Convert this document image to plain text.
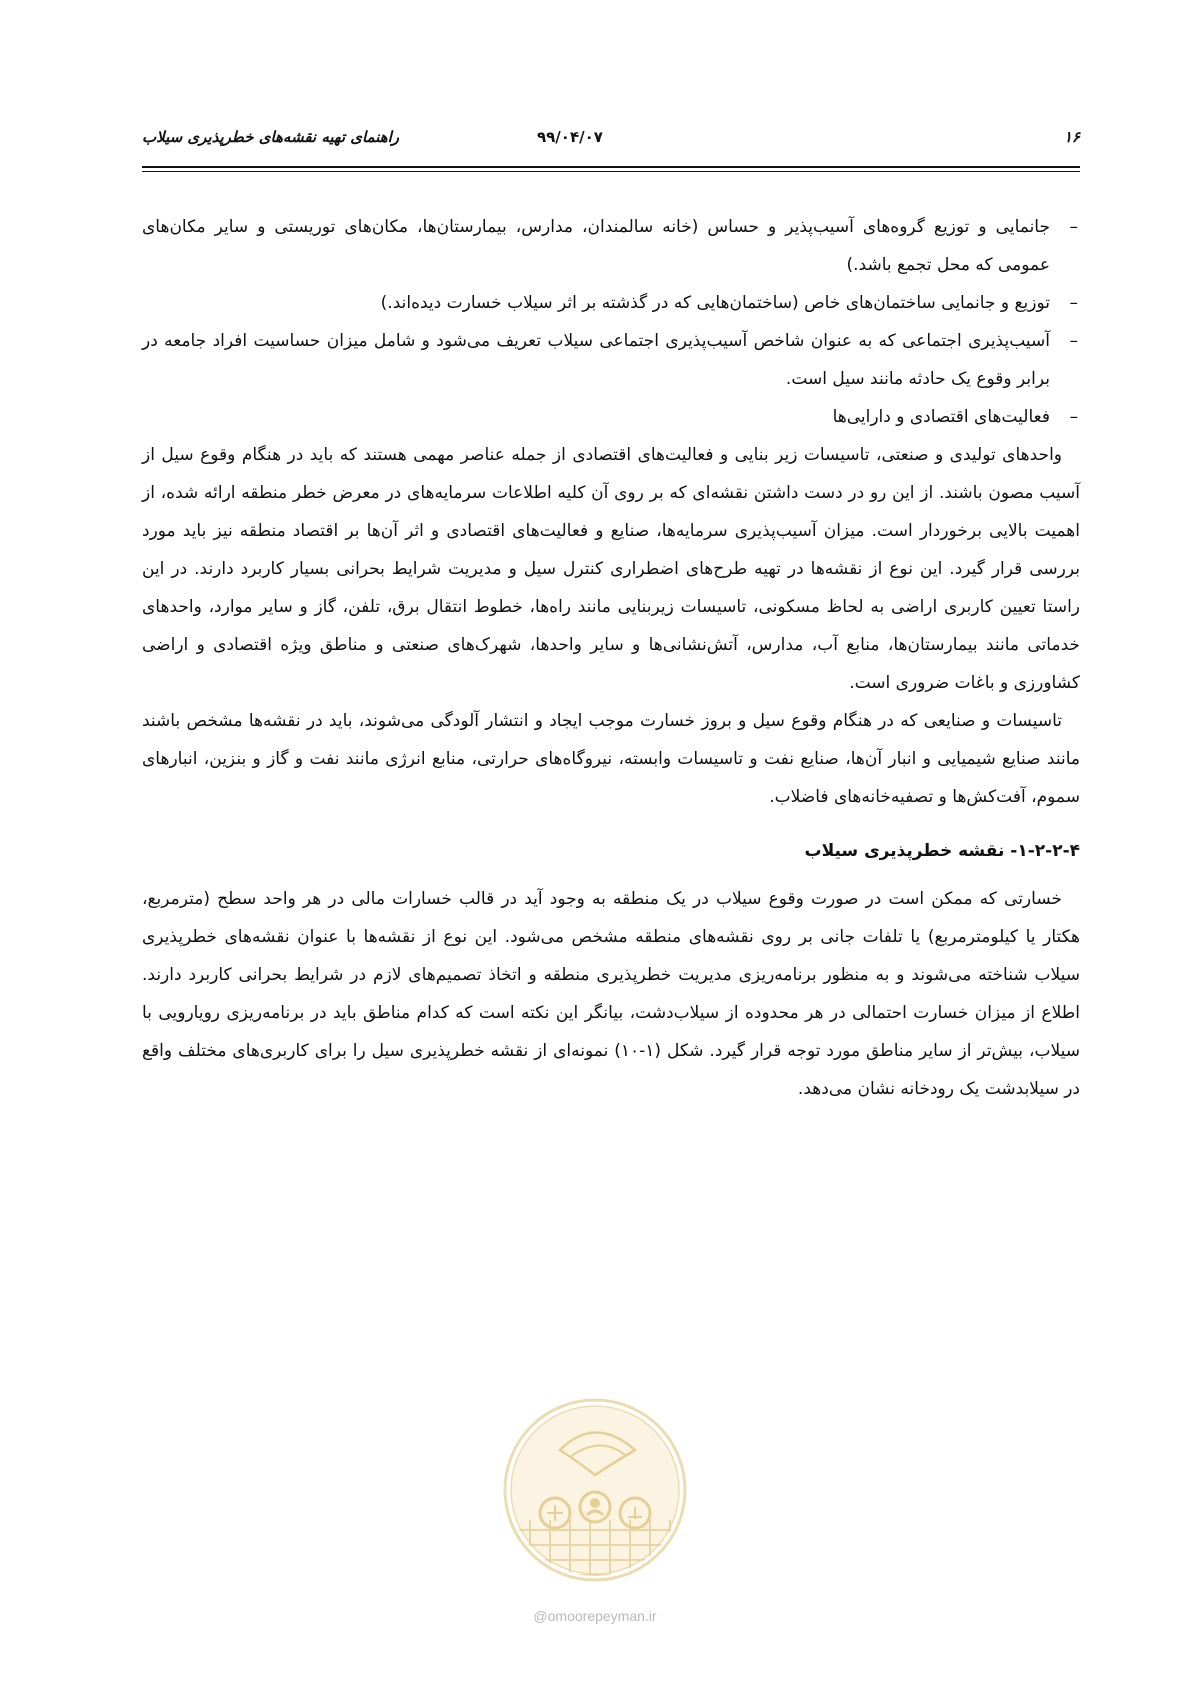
۱۶
۹۹/۰۴/۰۷
راهنمای تهیه نقشه‌های خطرپذیری سیلاب
–
جانمایی و توزیع گروه‌های آسیب‌پذیر و حساس (خانه سالمندان، مدارس، بیمارستان‌ها، مکان‌های توریستی و سایر مکان‌های عمومی که محل تجمع باشد.)
–
توزیع و جانمایی ساختمان‌های خاص (ساختمان‌هایی که در گذشته بر اثر سیلاب خسارت دیده‌اند.)
–
آسیب‌پذیری اجتماعی که به عنوان شاخص آسیب‌پذیری اجتماعی سیلاب تعریف می‌شود و شامل میزان حساسیت افراد جامعه در برابر وقوع یک حادثه مانند سیل است.
–
فعالیت‌های اقتصادی و دارایی‌ها

واحدهای تولیدی و صنعتی، تاسیسات زیر بنایی و فعالیت‌های اقتصادی از جمله عناصر مهمی هستند که باید در هنگام وقوع سیل از آسیب مصون باشند. از این رو در دست داشتن نقشه‌ای که بر روی آن کلیه اطلاعات سرمایه‌های در معرض خطر منطقه ارائه شده، از اهمیت بالایی برخوردار است. میزان آسیب‌پذیری سرمایه‌ها، صنایع و فعالیت‌های اقتصادی و اثر آن‌ها بر اقتصاد منطقه نیز باید مورد بررسی قرار گیرد. این نوع از نقشه‌ها در تهیه طرح‌های اضطراری کنترل سیل و مدیریت شرایط بحرانی بسیار کاربرد دارند. در این راستا تعیین کاربری اراضی به لحاظ مسکونی، تاسیسات زیربنایی مانند راه‌ها، خطوط انتقال برق، تلفن، گاز و سایر موارد، واحدهای خدماتی مانند بیمارستان‌ها، منابع آب، مدارس، آتش‌نشانی‌ها و سایر واحدها، شهرک‌های صنعتی و مناطق ویژه اقتصادی و اراضی کشاورزی و باغات ضروری است.

تاسیسات و صنایعی که در هنگام وقوع سیل و بروز خسارت موجب ایجاد و انتشار آلودگی می‌شوند، باید در نقشه‌ها مشخص باشند مانند صنایع شیمیایی و انبار آن‌ها، صنایع نفت و تاسیسات وابسته، نیروگاه‌های حرارتی، منابع انرژی مانند نفت و گاز و بنزین، انبارهای سموم، آفت‌کش‌ها و تصفیه‌خانه‌های فاضلاب.

۱-۲-۲-۴- نقشه خطرپذیری سیلاب

خسارتی که ممکن است در صورت وقوع سیلاب در یک منطقه به وجود آید در قالب خسارات مالی در هر واحد سطح (مترمربع، هکتار یا کیلومترمربع) یا تلفات جانی بر روی نقشه‌های منطقه مشخص می‌شود. این نوع از نقشه‌ها با عنوان نقشه‌های خطرپذیری سیلاب شناخته می‌شوند و به منظور برنامه‌ریزی مدیریت خطرپذیری منطقه و اتخاذ تصمیم‌های لازم در شرایط بحرانی کاربرد دارند. اطلاع از میزان خسارت احتمالی در هر محدوده از سیلاب‌دشت، بیانگر این نکته است که کدام مناطق باید در برنامه‌ریزی رویارویی با سیلاب، بیش‌تر از سایر مناطق مورد توجه قرار گیرد. شکل (۱-۱۰) نمونه‌ای از نقشه خطرپذیری سیل را برای کاربری‌های مختلف واقع در سیلابدشت یک رودخانه نشان می‌دهد.

@omoorepeyman.ir
